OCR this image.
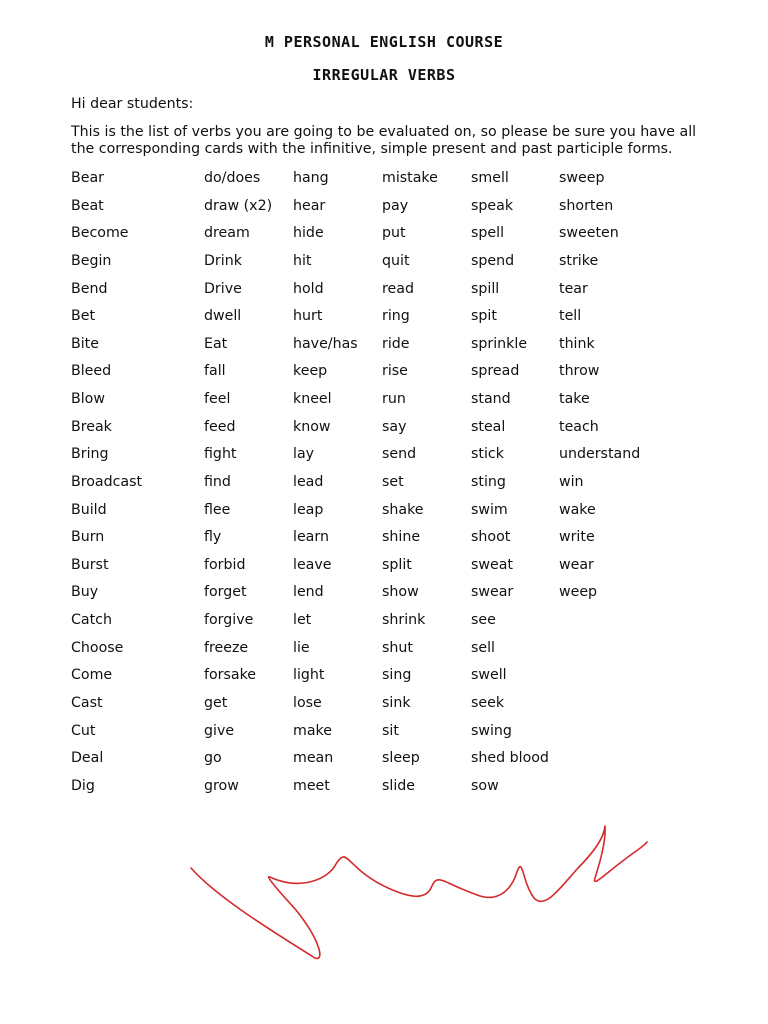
M PERSONAL ENGLISH COURSE
IRREGULAR VERBS

Hi dear students:

This is the list of verbs you are going to be evaluated on, so please be sure you have all the corresponding cards with the infinitive, simple present and past participle forms.

Bear
Beat
Become
Begin
Bend
Bet
Bite
Bleed
Blow
Break
Bring
Broadcast
Build
Burn
Burst
Buy
Catch
Choose
Come
Cast
Cut
Deal
Dig
do/does
draw (x2)
dream
Drink
Drive
dwell
Eat
fall
feel
feed
fight
find
flee
fly
forbid
forget
forgive
freeze
forsake
get
give
go
grow
hang
hear
hide
hit
hold
hurt
have/has
keep
kneel
know
lay
lead
leap
learn
leave
lend
let
lie
light
lose
make
mean
meet
mistake
pay
put
quit
read
ring
ride
rise
run
say
send
set
shake
shine
split
show
shrink
shut
sing
sink
sit
sleep
slide
smell
speak
spell
spend
spill
spit
sprinkle
spread
stand
steal
stick
sting
swim
shoot
sweat
swear
see
sell
swell
seek
swing
shed blood
sow
sweep
shorten
sweeten
strike
tear
tell
think
throw
take
teach
understand
win
wake
write
wear
weep
